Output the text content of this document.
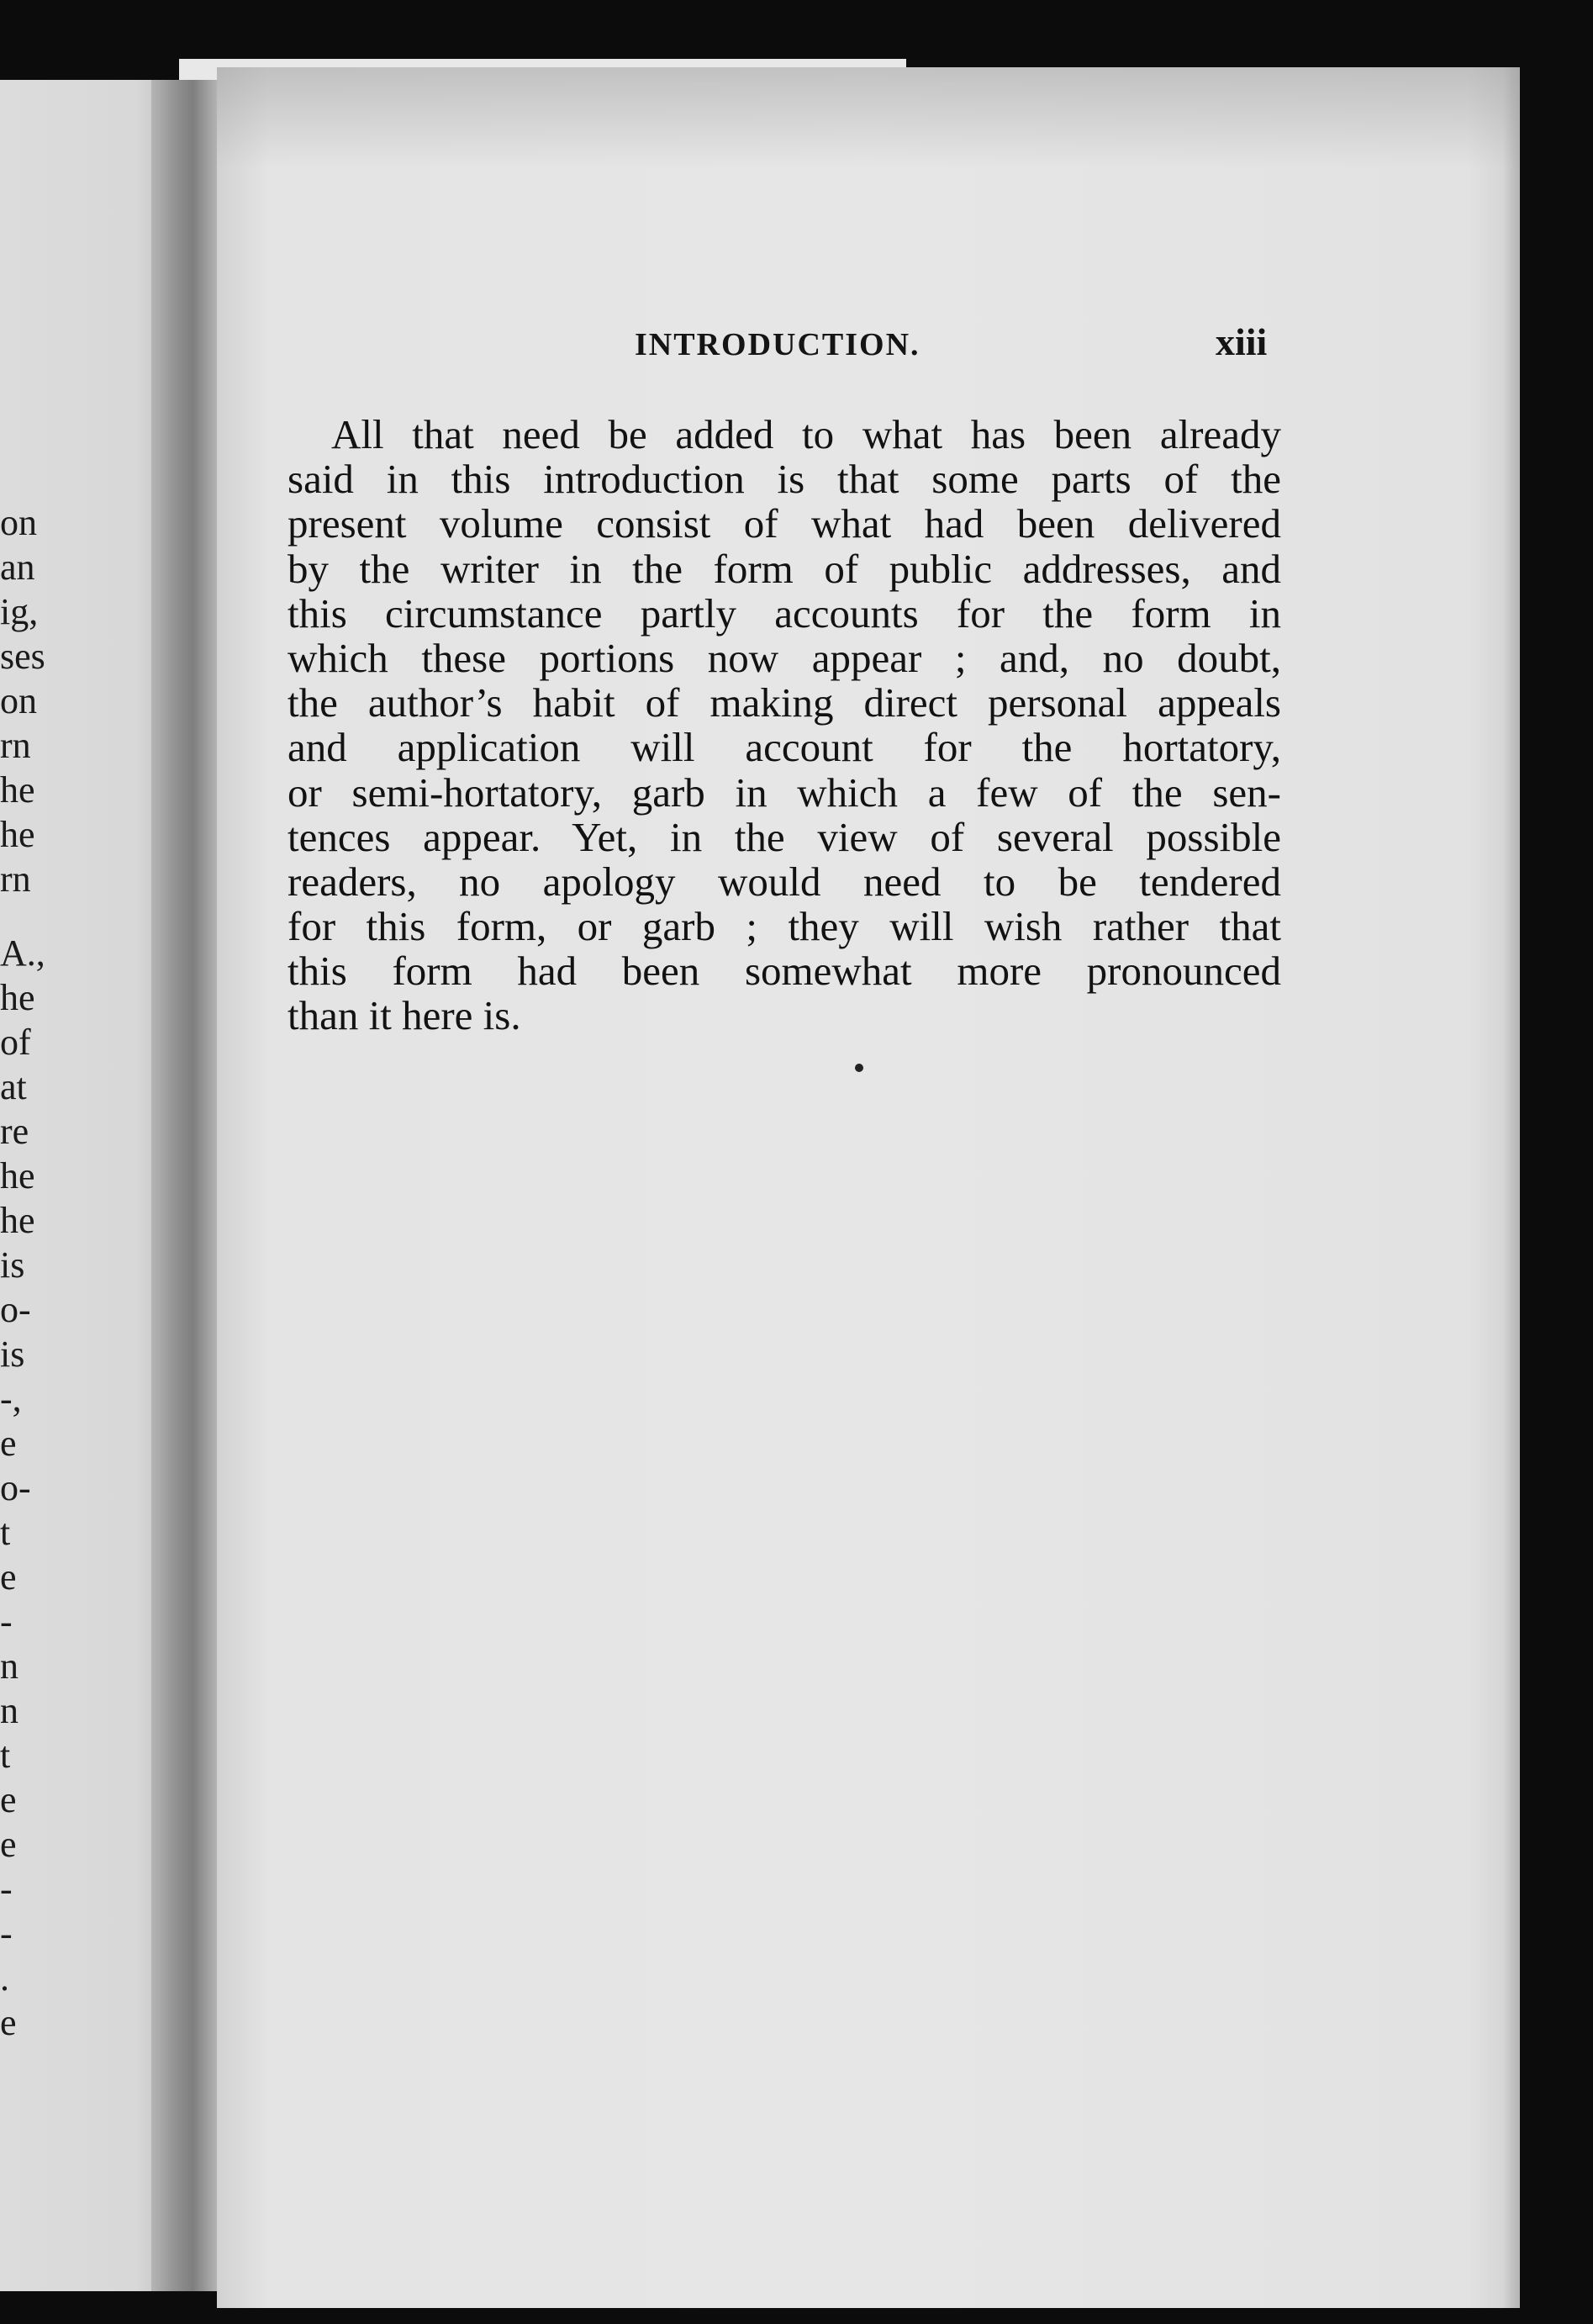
on
an
ig,
ses
on
rn
he
he
rn
A.,
he
of
at
re
he
he
is
o-
is
-,
e
o-
t
e
-
n
n
t
e
e
-
-
.
e
INTRODUCTION.	xiii
All that need be added to what has been already
said in this introduction is that some parts of the
present volume consist of what had been delivered
by the writer in the form of public addresses, and
this circumstance partly accounts for the form in
which these portions now appear ; and, no doubt,
the author’s habit of making direct personal appeals
and application will account for the hortatory,
or semi-hortatory, garb in which a few of the sen-
tences appear. Yet, in the view of several possible
readers, no apology would need to be tendered
for this form, or garb ; they will wish rather that
this form had been somewhat more pronounced
than it here is.
